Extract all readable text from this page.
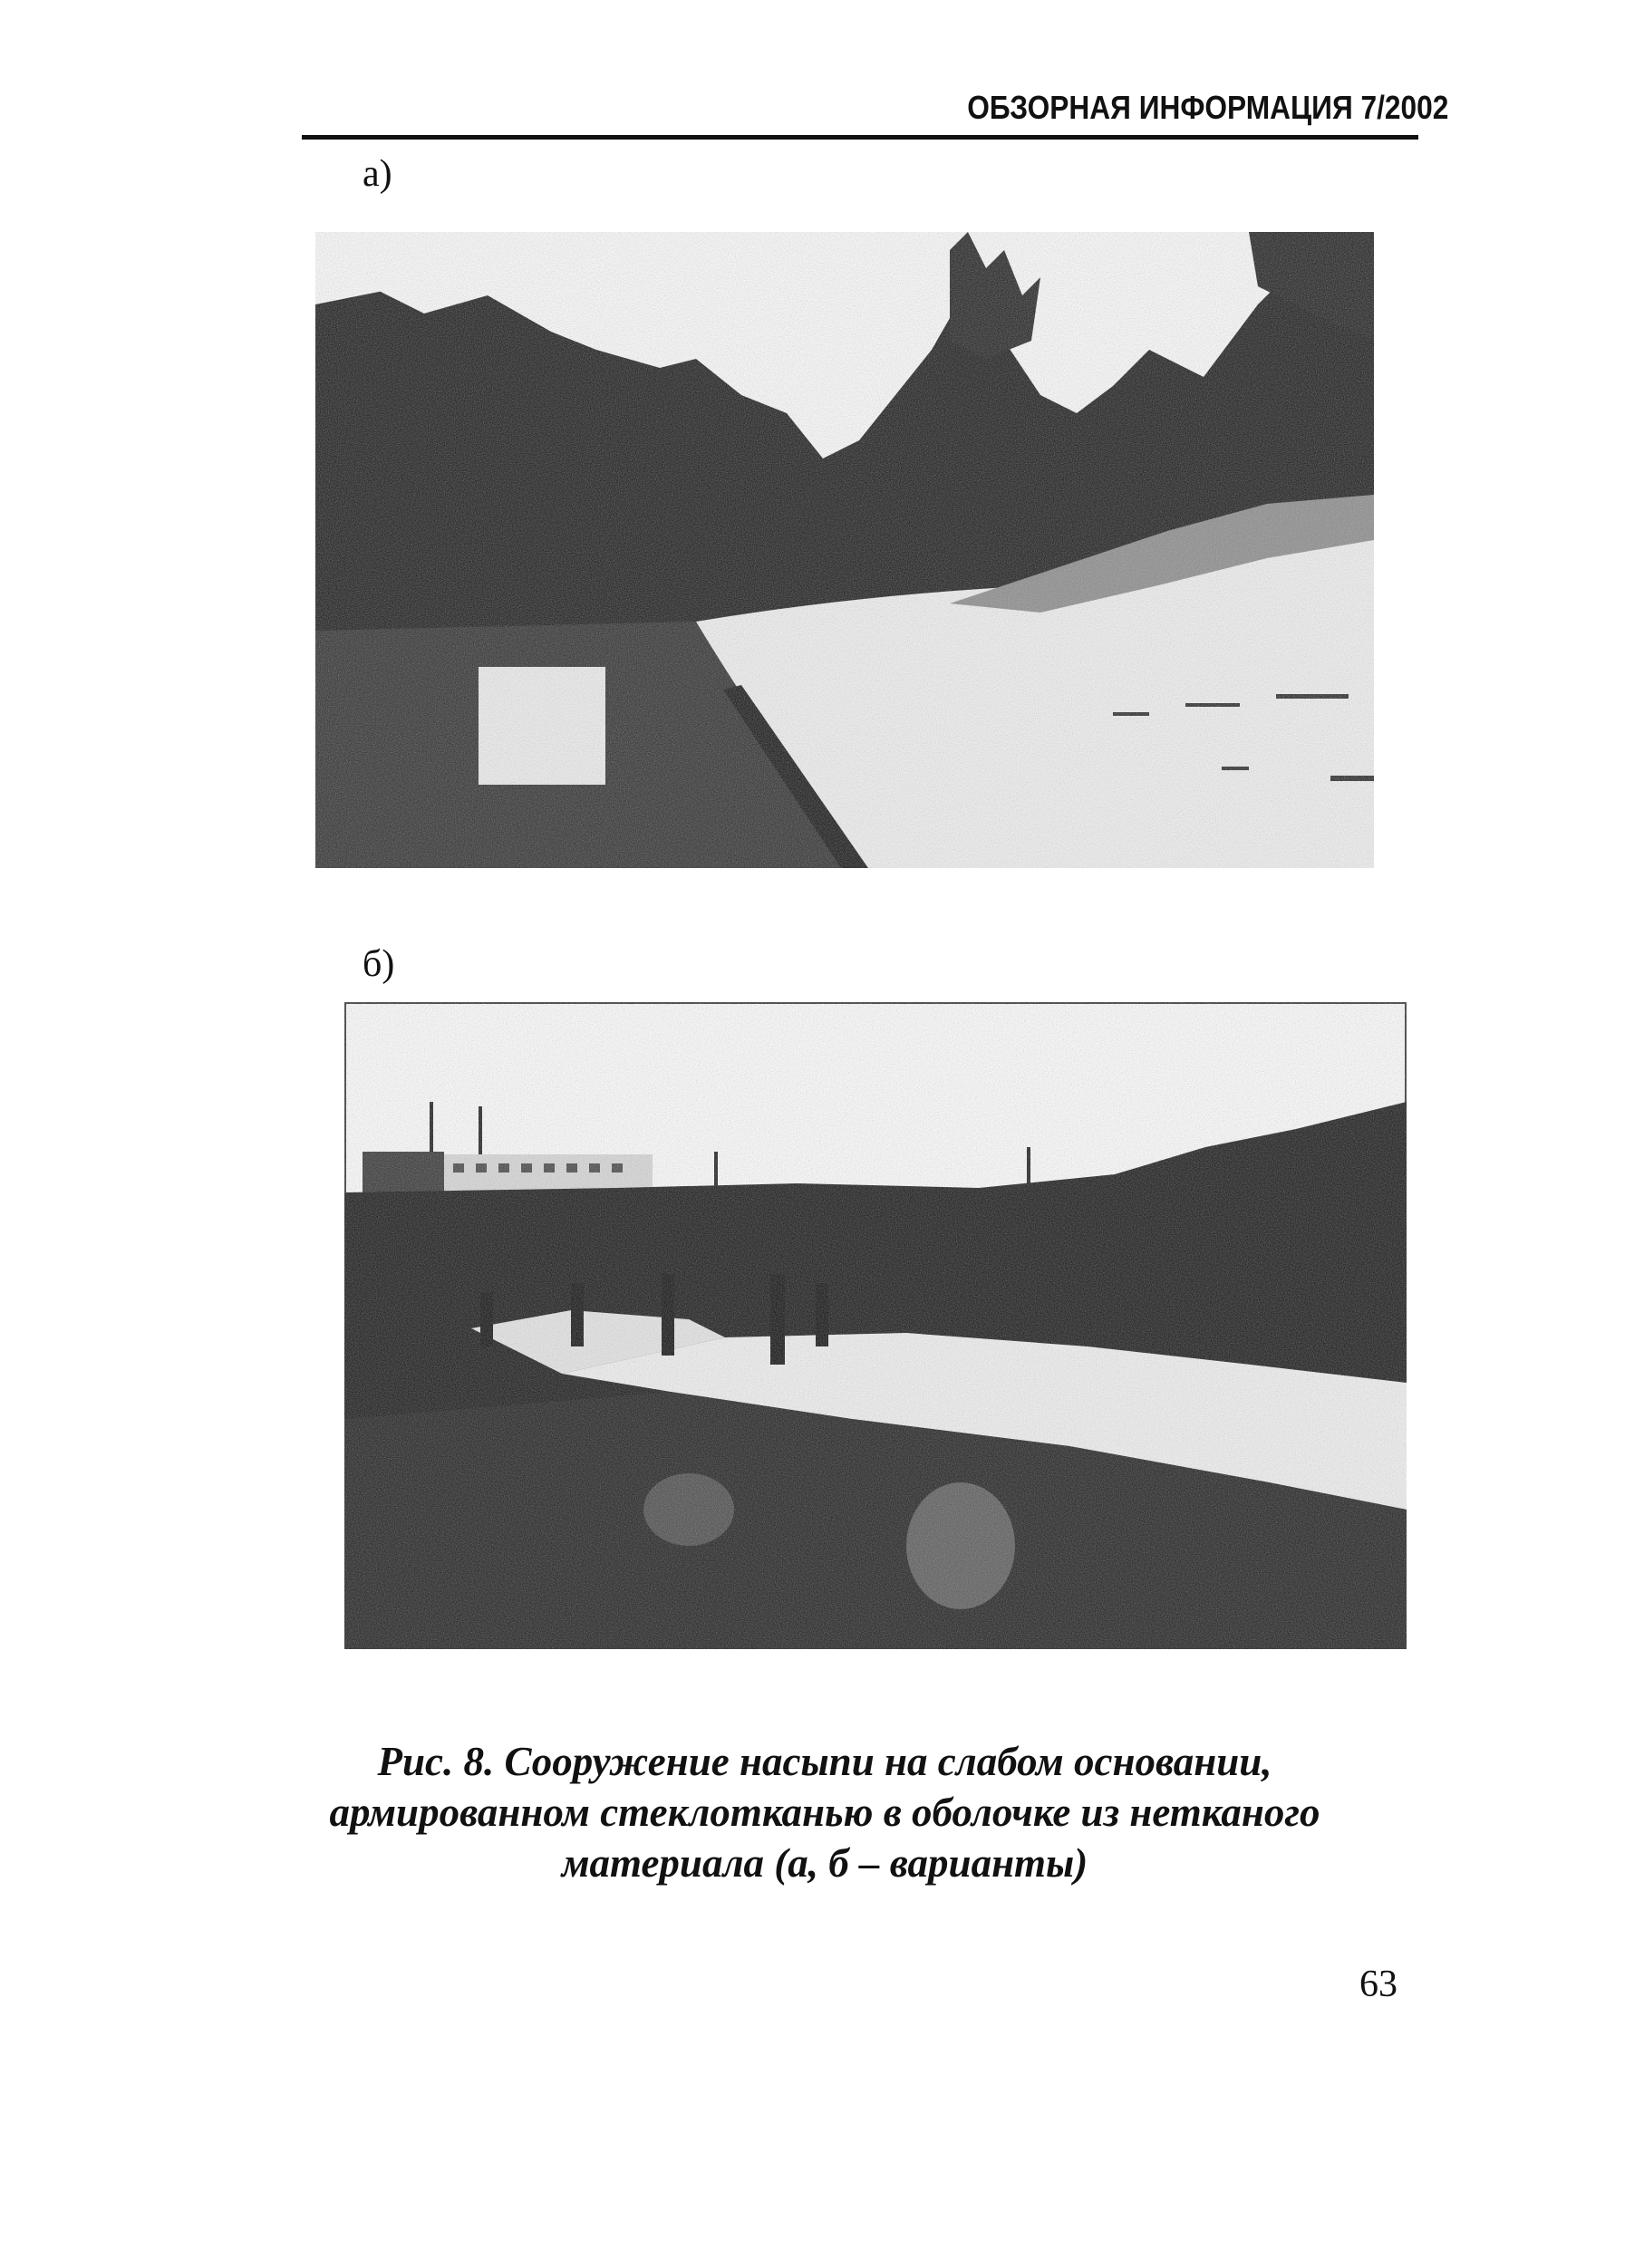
ОБЗОРНАЯ ИНФОРМАЦИЯ 7/2002
а)
б)
Рис. 8. Сооружение насыпи на слабом основании,
армированном стеклотканью в оболочке из нетканого
материала (а, б – варианты)
63
